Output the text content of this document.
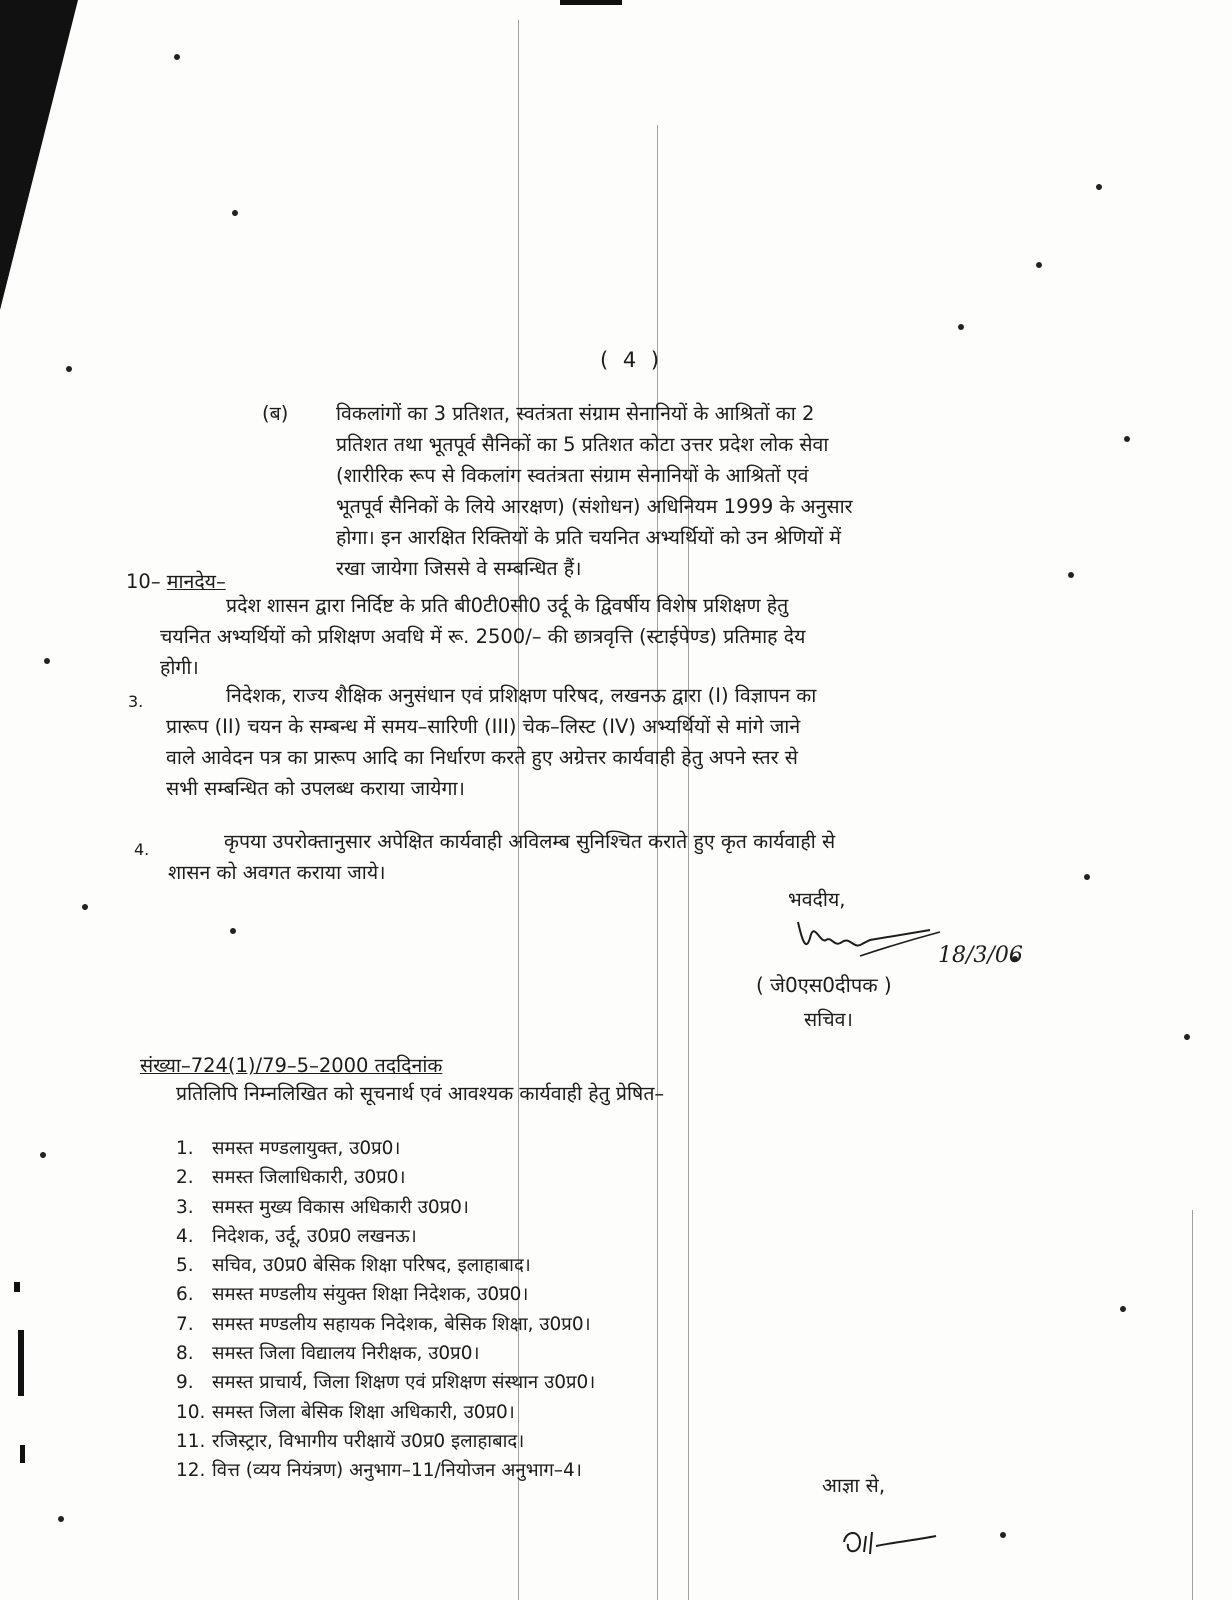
( 4 )
(ब) विकलांगों का 3 प्रतिशत, स्वतंत्रता संग्राम सेनानियों के आश्रितों का 2
प्रतिशत तथा भूतपूर्व सैनिकों का 5 प्रतिशत कोटा उत्तर प्रदेश लोक सेवा
(शारीरिक रूप से विकलांग स्वतंत्रता संग्राम सेनानियों के आश्रितों एवं
भूतपूर्व सैनिकों के लिये आरक्षण) (संशोधन) अधिनियम 1999 के अनुसार
होगा। इन आरक्षित रिक्तियों के प्रति चयनित अभ्यर्थियों को उन श्रेणियों में
रखा जायेगा जिससे वे सम्बन्धित हैं।
10– मानदेय–
प्रदेश शासन द्वारा निर्दिष्ट के प्रति बी0टी0सी0 उर्दू के द्विवर्षीय विशेष प्रशिक्षण हेतु
चयनित अभ्यर्थियों को प्रशिक्षण अवधि में रू. 2500/– की छात्रवृत्ति (स्टाईपेण्ड) प्रतिमाह देय
होगी।
3.	निदेशक, राज्य शैक्षिक अनुसंधान एवं प्रशिक्षण परिषद, लखनऊ द्वारा (I) विज्ञापन का
प्रारूप (II) चयन के सम्बन्ध में समय–सारिणी (III) चेक–लिस्ट (IV) अभ्यर्थियों से मांगे जाने
वाले आवेदन पत्र का प्रारूप आदि का निर्धारण करते हुए अग्रेत्तर कार्यवाही हेतु अपने स्तर से
सभी सम्बन्धित को उपलब्ध कराया जायेगा।
4.	कृपया उपरोक्तानुसार अपेक्षित कार्यवाही अविलम्ब सुनिश्चित कराते हुए कृत कार्यवाही से
शासन को अवगत कराया जाये।
भवदीय,
18/3/06
( जे0एस0दीपक )
सचिव।
संख्या–724(1)/79–5–2000 तददिनांक
प्रतिलिपि निम्नलिखित को सूचनार्थ एवं आवश्यक कार्यवाही हेतु प्रेषित–
1. समस्त मण्डलायुक्त, उ0प्र0।
2. समस्त जिलाधिकारी, उ0प्र0।
3. समस्त मुख्य विकास अधिकारी उ0प्र0।
4. निदेशक, उर्दू, उ0प्र0 लखनऊ।
5. सचिव, उ0प्र0 बेसिक शिक्षा परिषद, इलाहाबाद।
6. समस्त मण्डलीय संयुक्त शिक्षा निदेशक, उ0प्र0।
7. समस्त मण्डलीय सहायक निदेशक, बेसिक शिक्षा, उ0प्र0।
8. समस्त जिला विद्यालय निरीक्षक, उ0प्र0।
9. समस्त प्राचार्य, जिला शिक्षण एवं प्रशिक्षण संस्थान उ0प्र0।
10. समस्त जिला बेसिक शिक्षा अधिकारी, उ0प्र0।
11. रजिस्ट्रार, विभागीय परीक्षायें उ0प्र0 इलाहाबाद।
12. वित्त (व्यय नियंत्रण) अनुभाग–11/नियोजन अनुभाग–4।
आज्ञा से,
